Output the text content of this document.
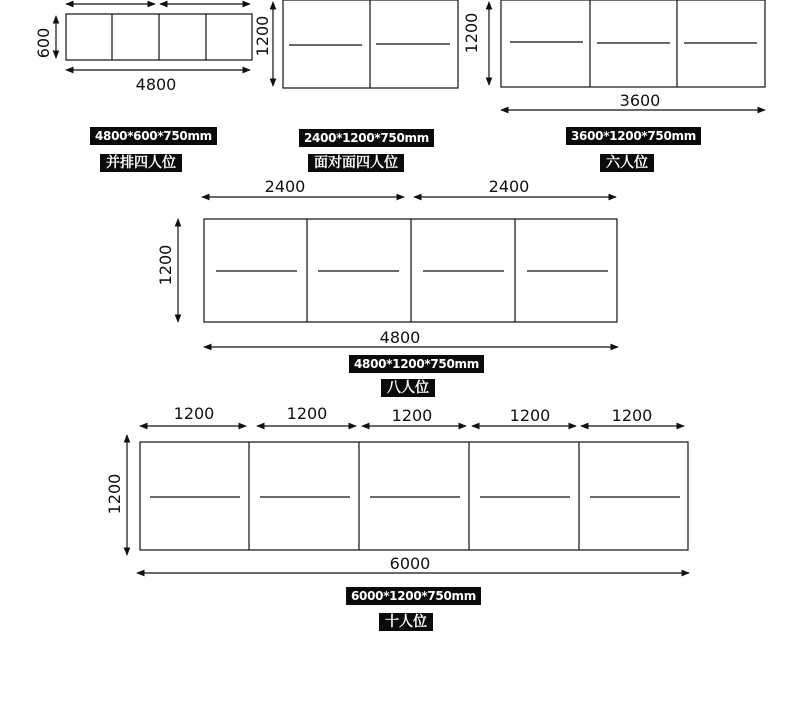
600
4800
1200	1200
3600
2400	2400
1200
4800
1200	1200	1200	1200	1200
1200
6000
4800*600*750mm
并排四人位
2400*1200*750mm
面对面四人位
3600*1200*750mm
六人位
4800*1200*750mm
八人位
6000*1200*750mm
十人位
